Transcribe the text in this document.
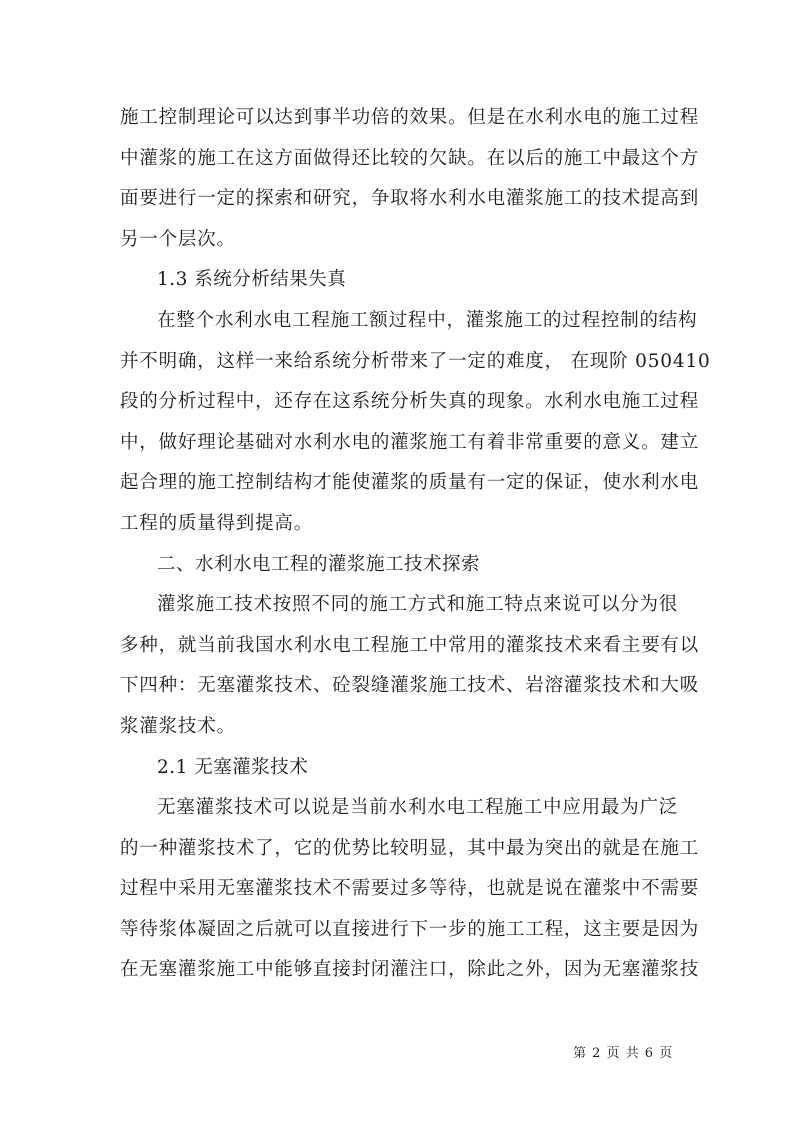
施工控制理论可以达到事半功倍的效果。但是在水利水电的施工过程

中灌浆的施工在这方面做得还比较的欠缺。在以后的施工中最这个方

面要进行一定的探索和研究，争取将水利水电灌浆施工的技术提高到

另一个层次。

1.3 系统分析结果失真

在整个水利水电工程施工额过程中，灌浆施工的过程控制的结构

并不明确，这样一来给系统分析带来了一定的难度， 在现阶 050410

段的分析过程中，还存在这系统分析失真的现象。水利水电施工过程

中，做好理论基础对水利水电的灌浆施工有着非常重要的意义。建立

起合理的施工控制结构才能使灌浆的质量有一定的保证，使水利水电

工程的质量得到提高。

二、水利水电工程的灌浆施工技术探索

灌浆施工技术按照不同的施工方式和施工特点来说可以分为很

多种，就当前我国水利水电工程施工中常用的灌浆技术来看主要有以

下四种：无塞灌浆技术、砼裂缝灌浆施工技术、岩溶灌浆技术和大吸

浆灌浆技术。

2.1 无塞灌浆技术

无塞灌浆技术可以说是当前水利水电工程施工中应用最为广泛

的一种灌浆技术了，它的优势比较明显，其中最为突出的就是在施工

过程中采用无塞灌浆技术不需要过多等待，也就是说在灌浆中不需要

等待浆体凝固之后就可以直接进行下一步的施工工程，这主要是因为

在无塞灌浆施工中能够直接封闭灌注口，除此之外，因为无塞灌浆技

第 2 页 共 6 页
